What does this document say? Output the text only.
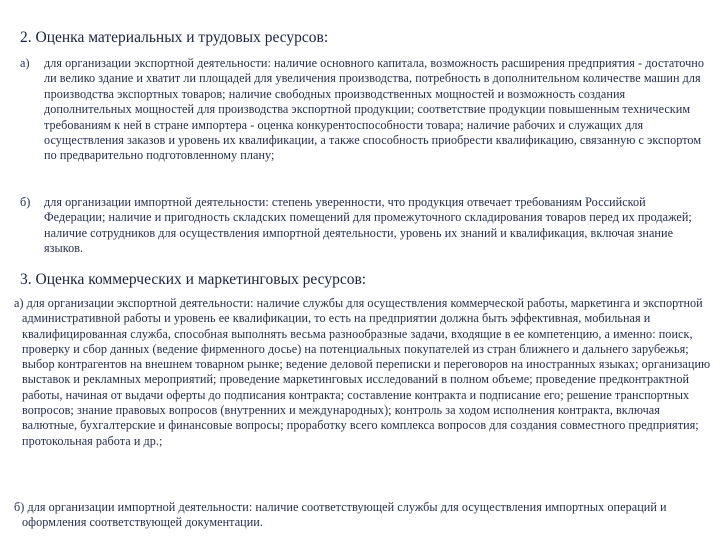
2. Оценка материальных и трудовых ресурсов:
а)	для организации экспортной деятельности: наличие основного капитала, возможность расширения предприятия - достаточно ли велико здание и хватит ли площадей для увеличения производства, потребность в дополнительном количестве машин для производства экспортных товаров; наличие свободных производственных мощностей и возможность создания дополнительных мощностей для производства экспортной продукции; соответствие продукции повышенным техническим требованиям к ней в стране импортера - оценка конкурентоспособности товара; наличие рабочих и служащих для осуществления заказов и уровень их квалификации, а также способность приобрести квалификацию, связанную с экспортом по предварительно подготовленному плану;
б)	для организации импортной деятельности: степень уверенности, что продукция отвечает требованиям Российской Федерации; наличие и пригодность складских помещений для промежуточного складирования товаров перед их продажей; наличие сотрудников для осуществления импортной деятельности, уровень их знаний и квалификация, включая знание языков.
3. Оценка коммерческих и маркетинговых ресурсов:
а) для организации экспортной деятельности: наличие службы для осуществления коммерческой работы, маркетинга и экспортной административной работы и уровень ее квалификации, то есть на предприятии должна быть эффективная, мобильная и квалифицированная служба, способная выполнять весьма разнообразные задачи, входящие в ее компетенцию, а именно: поиск, проверку и сбор данных (ведение фирменного досье) на потенциальных покупателей из стран ближнего и дальнего зарубежья; выбор контрагентов на внешнем товарном рынке; ведение деловой переписки и переговоров на иностранных языках; организацию выставок и рекламных мероприятий; проведение маркетинговых исследований в полном объеме; проведение предконтрактной работы, начиная от выдачи оферты до подписания контракта; составление контракта и подписание его; решение транспортных вопросов; знание правовых вопросов (внутренних и международных); контроль за ходом исполнения контракта, включая валютные, бухгалтерские и финансовые вопросы; проработку всего комплекса вопросов для создания совместного предприятия; протокольная работа и др.;
б) для организации импортной деятельности: наличие соответствующей службы для осуществления импортных операций и оформления соответствующей документации.
